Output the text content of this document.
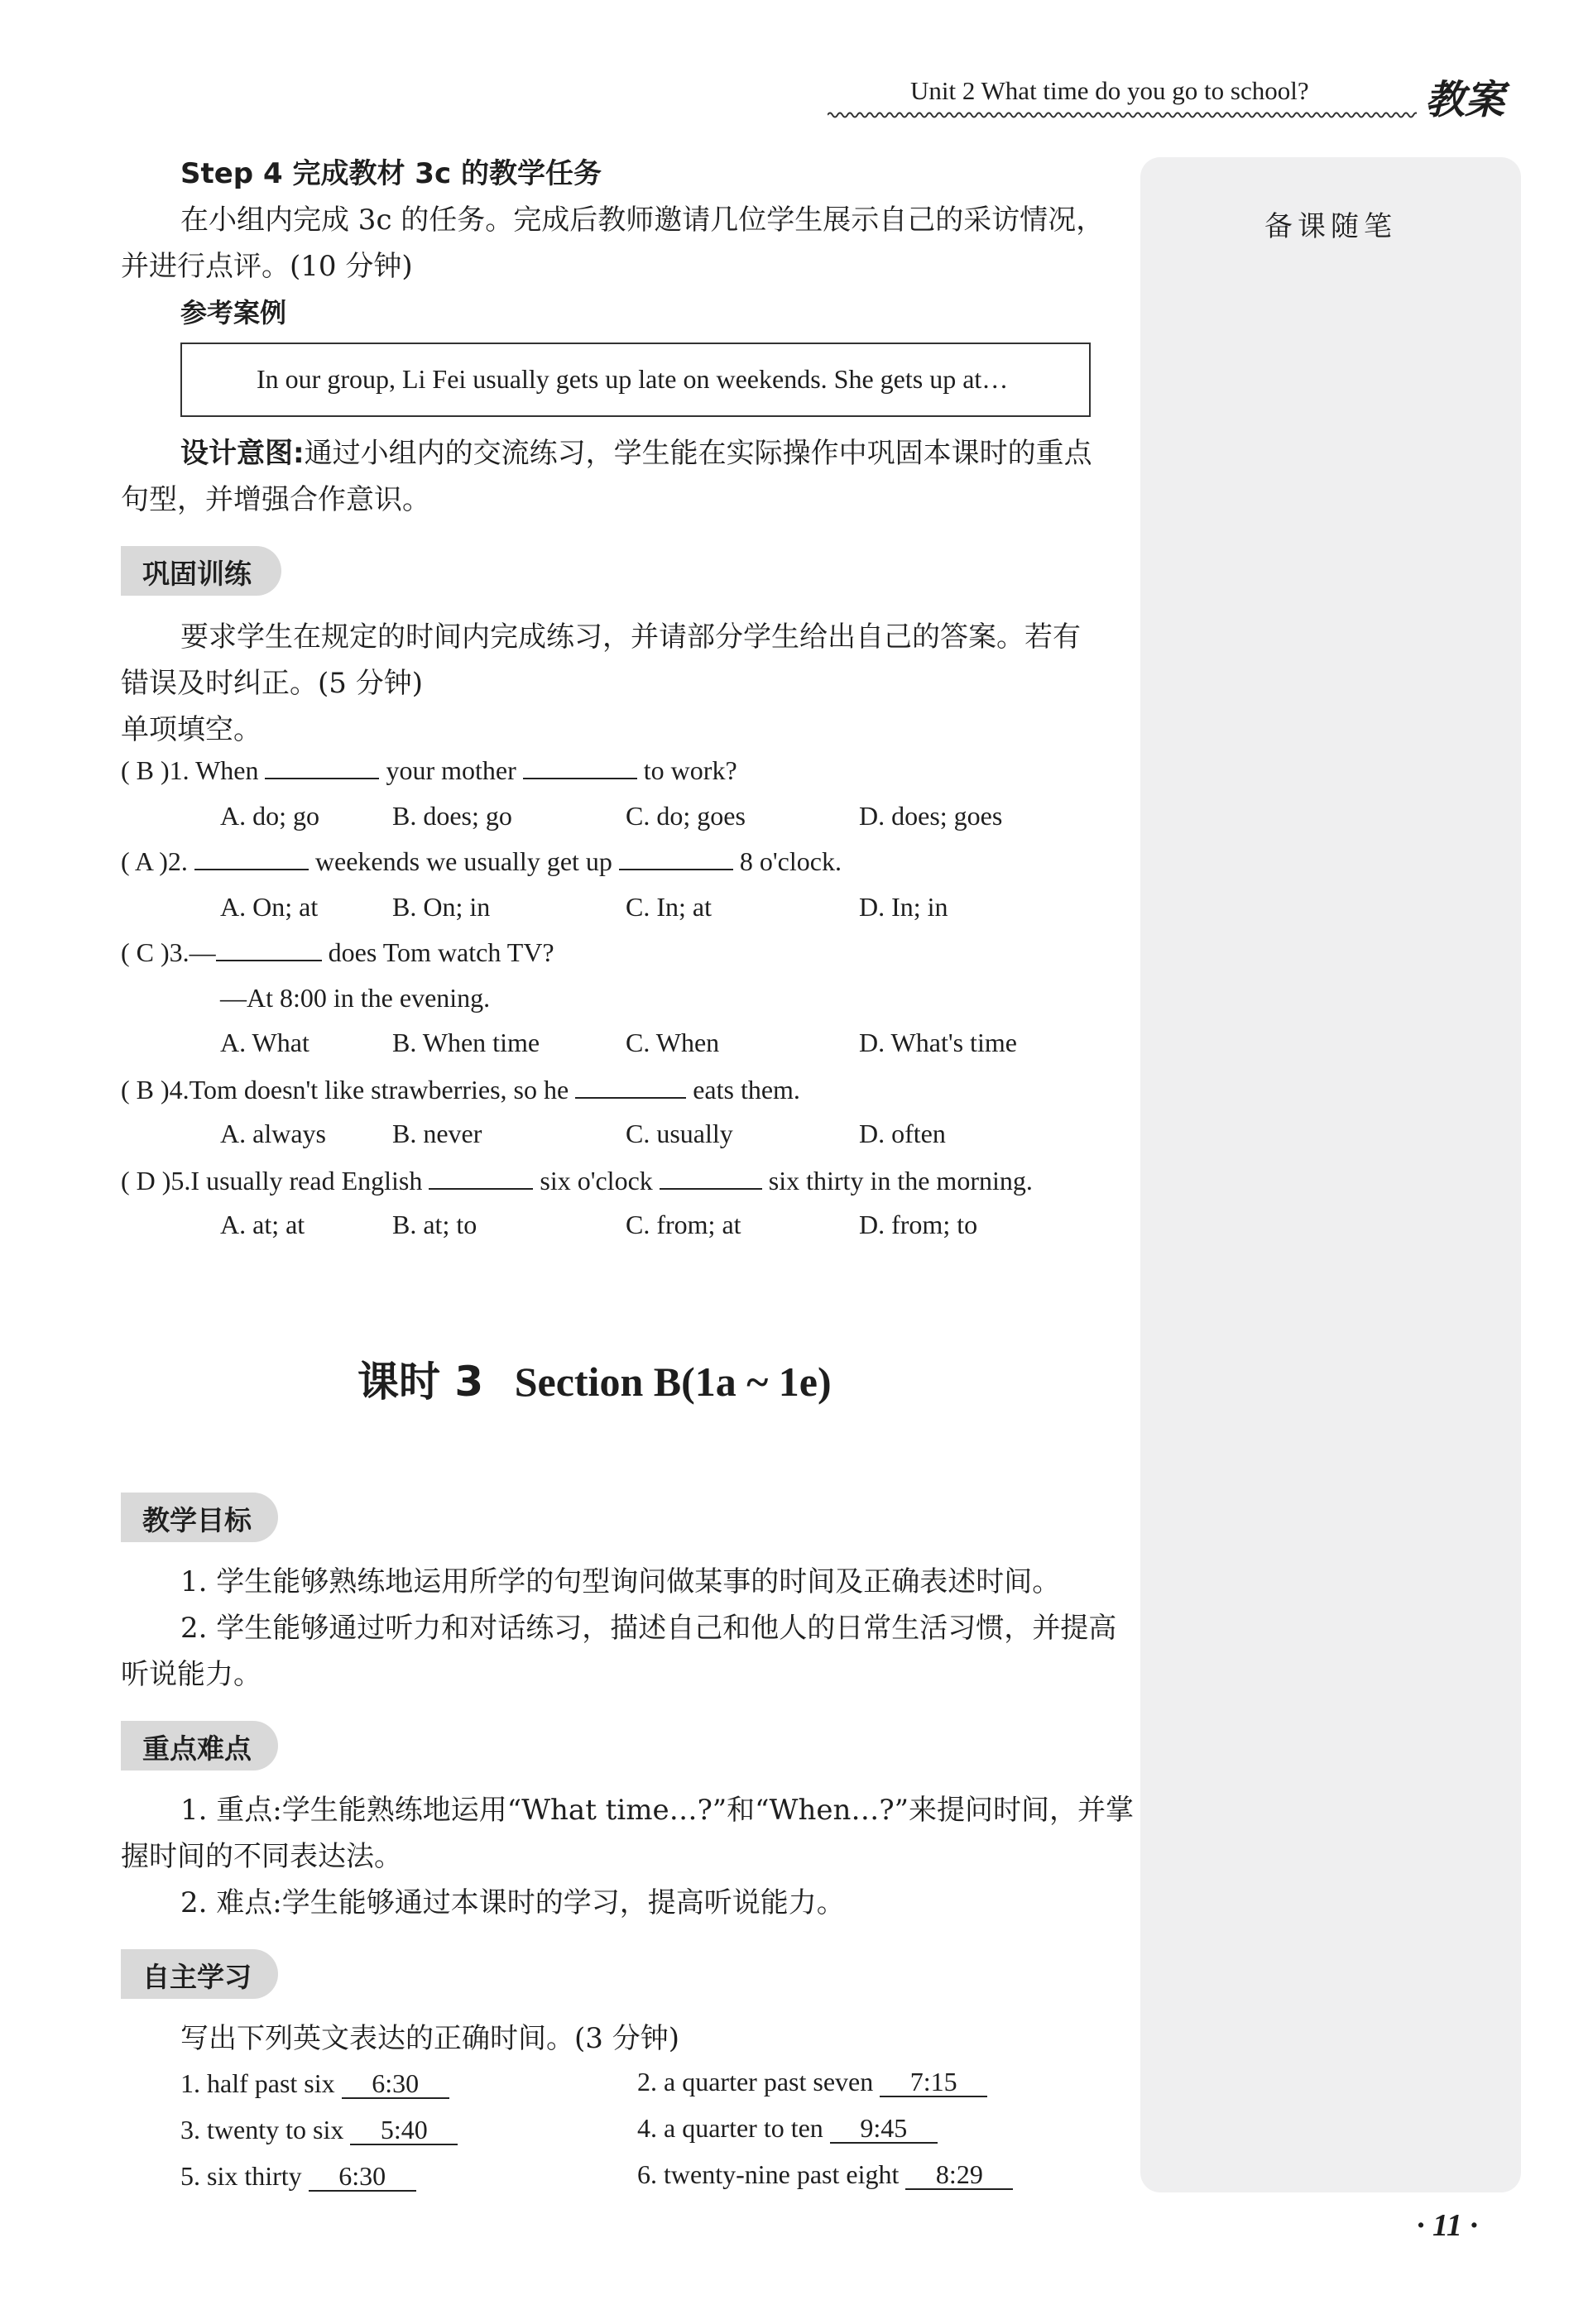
Unit 2 What time do you go to school?	教案
备课随笔
Step 4 完成教材 3c 的教学任务
在小组内完成 3c 的任务。完成后教师邀请几位学生展示自己的采访情况，
并进行点评。(10 分钟)
参考案例
In our group, Li Fei usually gets up late on weekends. She gets up at…
设计意图:通过小组内的交流练习，学生能在实际操作中巩固本课时的重点
句型，并增强合作意识。
巩固训练
要求学生在规定的时间内完成练习，并请部分学生给出自己的答案。若有
错误及时纠正。(5 分钟)
单项填空。
( B )1. When	your mother	to work?
A. do; go	B. does; go	C. do; goes	D. does; goes
( A )2.	weekends we usually get up	8 o'clock.
A. On; at	B. On; in	C. In; at	D. In; in
( C )3.—	does Tom watch TV?
—At 8:00 in the evening.
A. What	B. When time	C. When	D. What's time
( B )4.Tom doesn't like strawberries, so he	eats them.
A. always	B. never	C. usually	D. often
( D )5.I usually read English	six o'clock	six thirty in the morning.
A. at; at	B. at; to	C. from; at	D. from; to
课时 3 Section B(1a ~ 1e)
教学目标
1. 学生能够熟练地运用所学的句型询问做某事的时间及正确表述时间。
2. 学生能够通过听力和对话练习，描述自己和他人的日常生活习惯，并提高
听说能力。
重点难点
1. 重点:学生能熟练地运用“What time…?”和“When…?”来提问时间，并掌
握时间的不同表达法。
2. 难点:学生能够通过本课时的学习，提高听说能力。
自主学习
写出下列英文表达的正确时间。(3 分钟)
1. half past six 6:30	2. a quarter past seven 7:15
3. twenty to six 5:40	4. a quarter to ten 9:45
5. six thirty 6:30	6. twenty-nine past eight 8:29
· 11 ·
